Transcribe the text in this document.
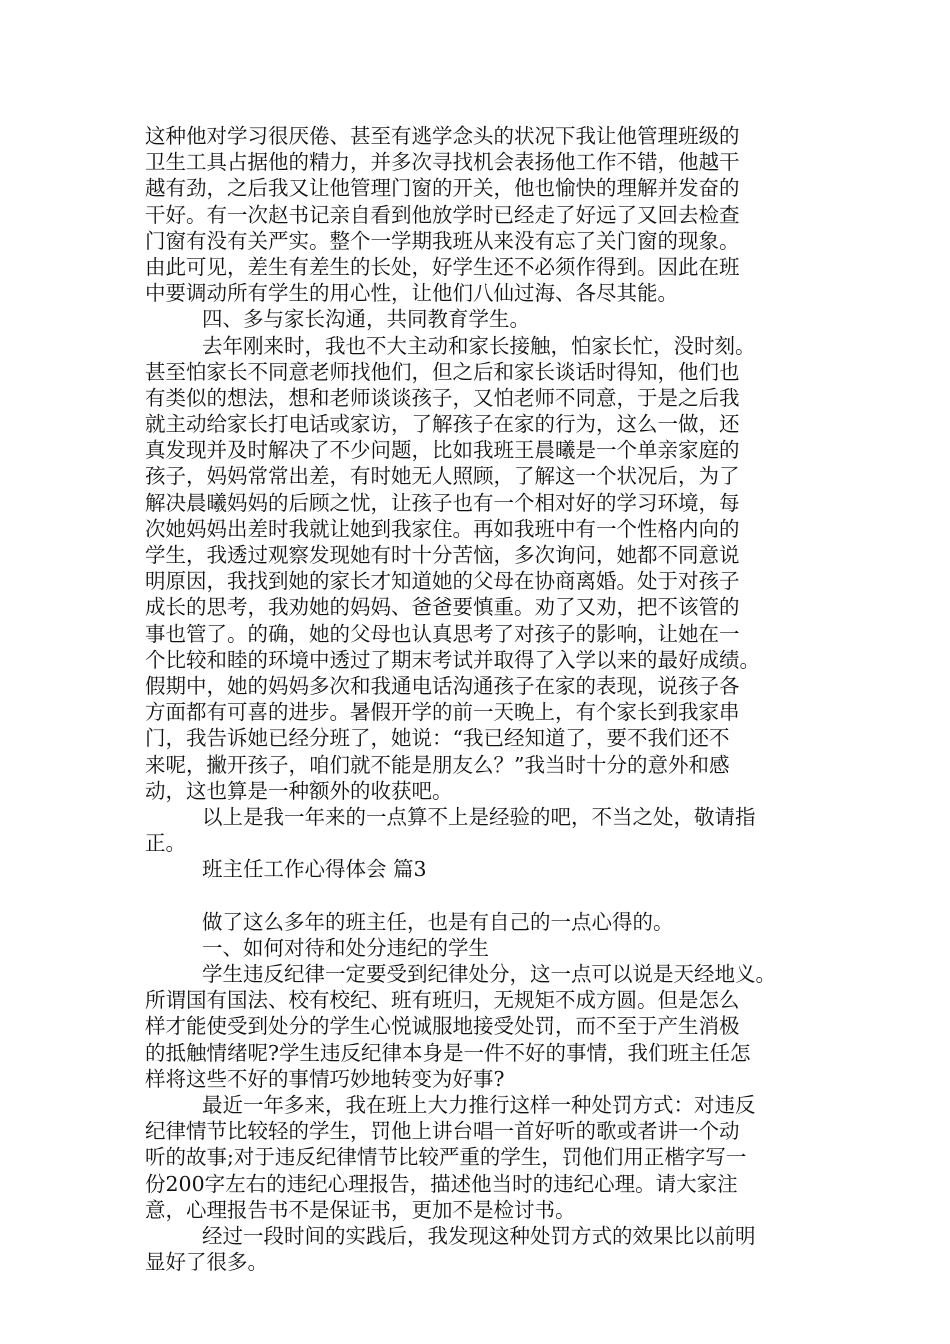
这种他对学习很厌倦、甚至有逃学念头的状况下我让他管理班级的
卫生工具占据他的精力，并多次寻找机会表扬他工作不错，他越干
越有劲，之后我又让他管理门窗的开关，他也愉快的理解并发奋的
干好。有一次赵书记亲自看到他放学时已经走了好远了又回去检查
门窗有没有关严实。整个一学期我班从来没有忘了关门窗的现象。
由此可见，差生有差生的长处，好学生还不必须作得到。因此在班
中要调动所有学生的用心性，让他们八仙过海、各尽其能。
四、多与家长沟通，共同教育学生。
去年刚来时，我也不大主动和家长接触，怕家长忙，没时刻。
甚至怕家长不同意老师找他们，但之后和家长谈话时得知，他们也
有类似的想法，想和老师谈谈孩子，又怕老师不同意，于是之后我
就主动给家长打电话或家访，了解孩子在家的行为，这么一做，还
真发现并及时解决了不少问题，比如我班王晨曦是一个单亲家庭的
孩子，妈妈常常出差，有时她无人照顾，了解这一个状况后，为了
解决晨曦妈妈的后顾之忧，让孩子也有一个相对好的学习环境，每
次她妈妈出差时我就让她到我家住。再如我班中有一个性格内向的
学生，我透过观察发现她有时十分苦恼，多次询问，她都不同意说
明原因，我找到她的家长才知道她的父母在协商离婚。处于对孩子
成长的思考，我劝她的妈妈、爸爸要慎重。劝了又劝，把不该管的
事也管了。的确，她的父母也认真思考了对孩子的影响，让她在一
个比较和睦的环境中透过了期末考试并取得了入学以来的最好成绩。
假期中，她的妈妈多次和我通电话沟通孩子在家的表现，说孩子各
方面都有可喜的进步。暑假开学的前一天晚上，有个家长到我家串
门，我告诉她已经分班了，她说：“我已经知道了，要不我们还不
来呢，撇开孩子，咱们就不能是朋友么？”我当时十分的意外和感
动，这也算是一种额外的收获吧。
以上是我一年来的一点算不上是经验的吧，不当之处，敬请指
正。
班主任工作心得体会 篇3
做了这么多年的班主任，也是有自己的一点心得的。
一、如何对待和处分违纪的学生
学生违反纪律一定要受到纪律处分，这一点可以说是天经地义。
所谓国有国法、校有校纪、班有班归，无规矩不成方圆。但是怎么
样才能使受到处分的学生心悦诚服地接受处罚，而不至于产生消极
的抵触情绪呢?学生违反纪律本身是一件不好的事情，我们班主任怎
样将这些不好的事情巧妙地转变为好事?
最近一年多来，我在班上大力推行这样一种处罚方式：对违反
纪律情节比较轻的学生，罚他上讲台唱一首好听的歌或者讲一个动
听的故事;对于违反纪律情节比较严重的学生，罚他们用正楷字写一
份200字左右的违纪心理报告，描述他当时的违纪心理。请大家注
意，心理报告书不是保证书，更加不是检讨书。
经过一段时间的实践后，我发现这种处罚方式的效果比以前明
显好了很多。
